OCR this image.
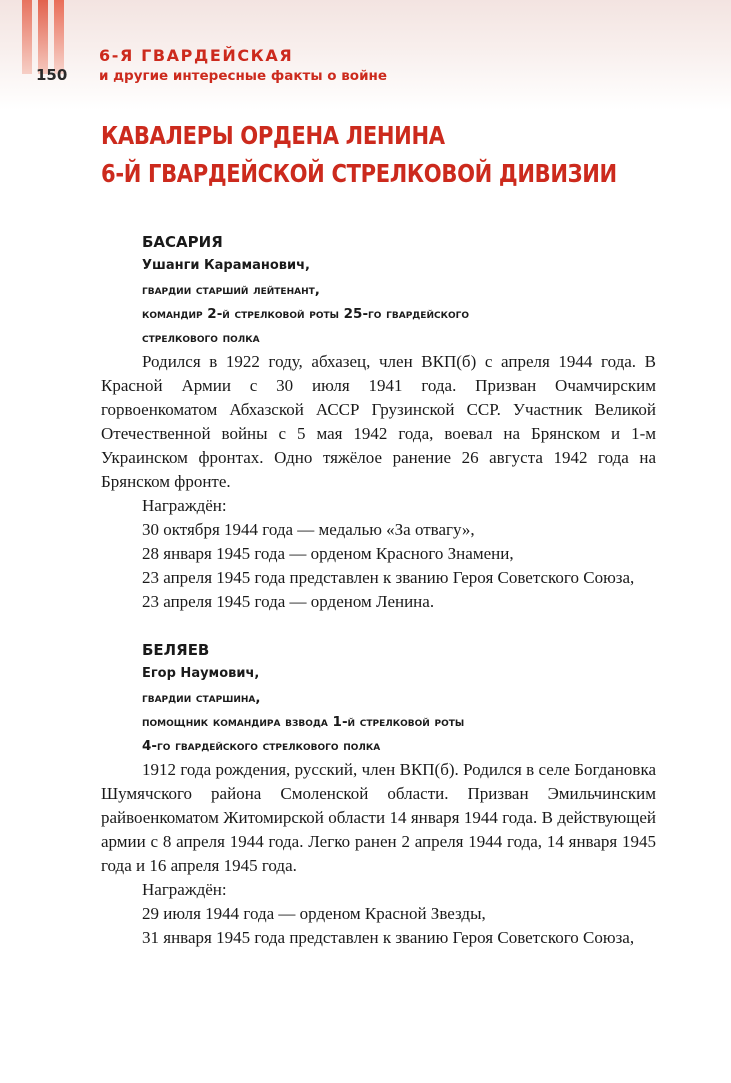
150
6-Я ГВАРДЕЙСКАЯ
и другие интересные факты о войне
КАВАЛЕРЫ ОРДЕНА ЛЕНИНА
6-Й ГВАРДЕЙСКОЙ СТРЕЛКОВОЙ ДИВИЗИИ
БАСАРИЯ
Ушанги Караманович,
гвардии старший лейтенант,
командир 2-й стрелковой роты 25-го гвардейского
стрелкового полка

Родился в 1922 году, абхазец, член ВКП(б) с апреля 1944 года. В Красной Армии с 30 июля 1941 года. Призван Очамчирским горвоенкоматом Абхазской АССР Грузинской ССР. Участник Великой Отечественной войны с 5 мая 1942 года, воевал на Брянском и 1-м Украинском фронтах. Одно тяжёлое ранение 26 августа 1942 года на Брянском фронте.

Награждён:

30 октября 1944 года — медалью «За отвагу»,

28 января 1945 года — орденом Красного Знамени,

23 апреля 1945 года представлен к званию Героя Советского Союза,

23 апреля 1945 года — орденом Ленина.

БЕЛЯЕВ
Егор Наумович,
гвардии старшина,
помощник командира взвода 1-й стрелковой роты
4-го гвардейского стрелкового полка

1912 года рождения, русский, член ВКП(б). Родился в селе Богдановка Шумячского района Смоленской области. Призван Эмильчинским райвоенкоматом Житомирской области 14 января 1944 года. В действующей армии с 8 апреля 1944 года. Легко ранен 2 апреля 1944 года, 14 января 1945 года и 16 апреля 1945 года.

Награждён:

29 июля 1944 года — орденом Красной Звезды,

31 января 1945 года представлен к званию Героя Советского Союза,
